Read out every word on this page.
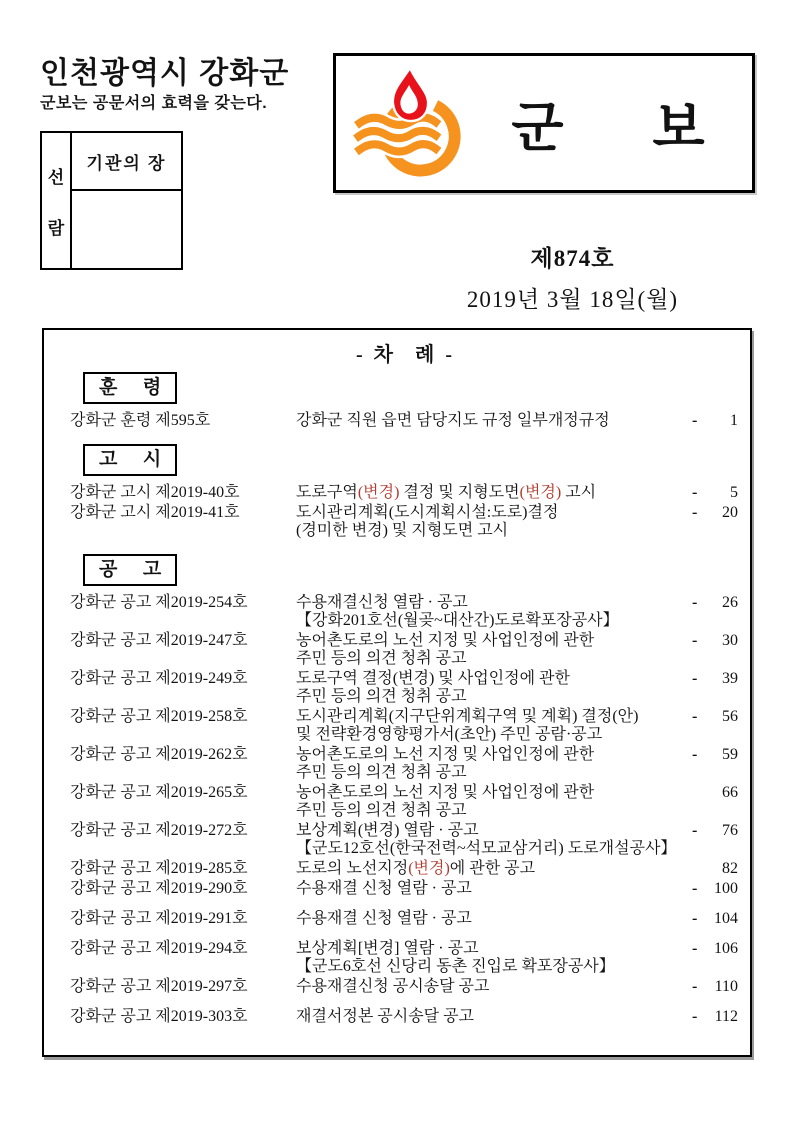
인천광역시 강화군
군보는 공문서의 효력을 갖는다.
선
람
기관의 장
군 보
제874호
2019년 3월 18일(월)
- 차  례 -
훈  령
강화군 훈령 제595호	강화군 직원 읍면 담당지도 규정 일부개정규정	- 1
고  시
강화군 고시 제2019-40호	도로구역(변경) 결정 및 지형도면(변경) 고시	- 5
강화군 고시 제2019-41호	도시관리계획(도시계획시설:도로)결정
(경미한 변경) 및 지형도면 고시
- 20
공  고
강화군 공고 제2019-254호	수용재결신청 열람 · 공고
【강화201호선(월곶~대산간)도로확포장공사】
- 26
강화군 공고 제2019-247호	농어촌도로의 노선 지정 및 사업인정에 관한
주민 등의 의견 청취 공고
- 30
강화군 공고 제2019-249호	도로구역 결정(변경) 및 사업인정에 관한
주민 등의 의견 청취 공고
- 39
강화군 공고 제2019-258호	도시관리계획(지구단위계획구역 및 계획) 결정(안)
및 전략환경영향평가서(초안) 주민 공람·공고
- 56
강화군 공고 제2019-262호	농어촌도로의 노선 지정 및 사업인정에 관한
주민 등의 의견 청취 공고
- 59
강화군 공고 제2019-265호	농어촌도로의 노선 지정 및 사업인정에 관한
주민 등의 의견 청취 공고
66
강화군 공고 제2019-272호	보상계획(변경) 열람 · 공고
【군도12호선(한국전력~석모교삼거리) 도로개설공사】
- 76
강화군 공고 제2019-285호	도로의 노선지정(변경)에 관한 공고	82
강화군 공고 제2019-290호	수용재결 신청 열람 · 공고	- 100
강화군 공고 제2019-291호	수용재결 신청 열람 · 공고	- 104
강화군 공고 제2019-294호	보상계획[변경] 열람 · 공고
【군도6호선 신당리 동촌 진입로 확포장공사】
- 106
강화군 공고 제2019-297호	수용재결신청 공시송달 공고	- 110
강화군 공고 제2019-303호	재결서정본 공시송달 공고	- 112
